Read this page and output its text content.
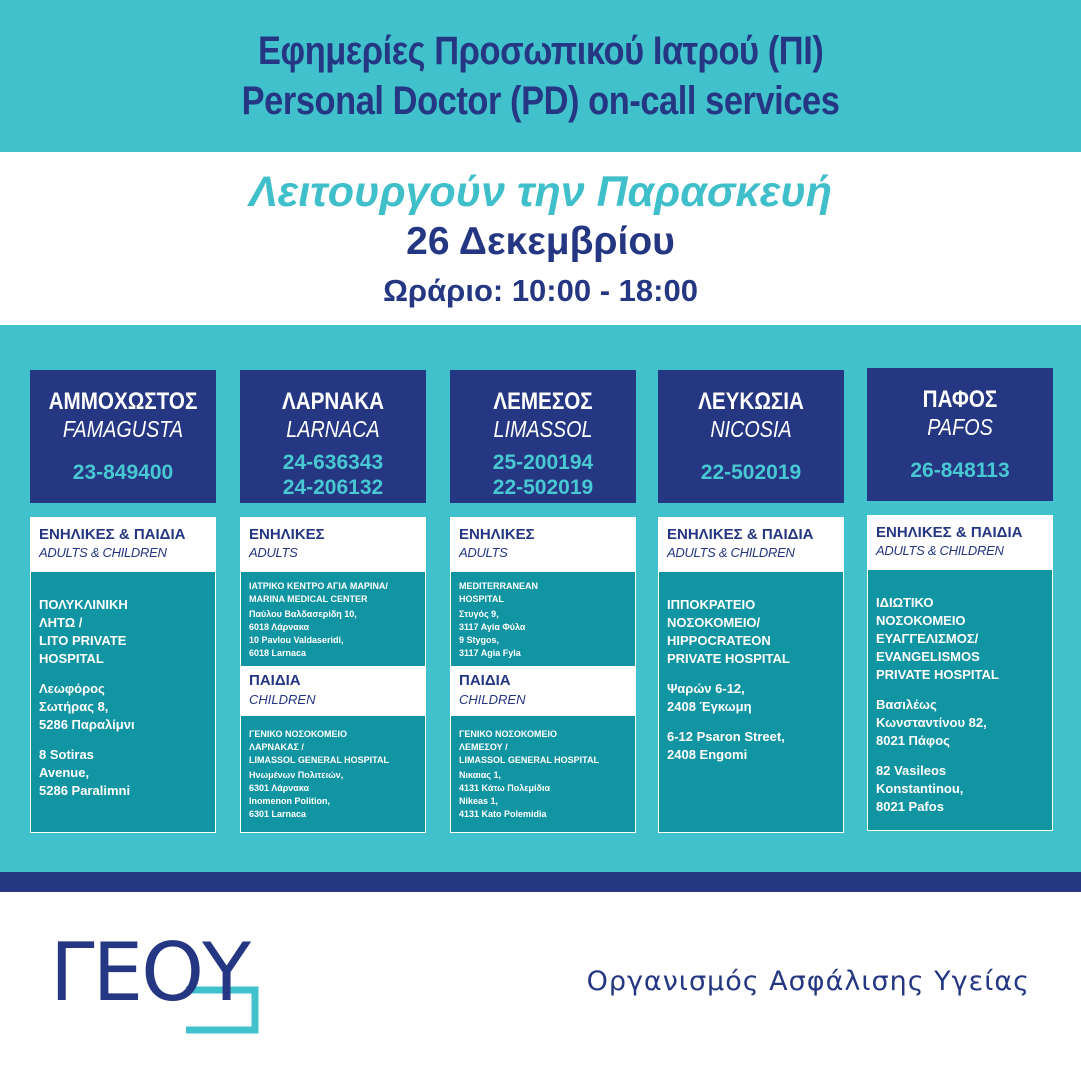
Εφημερίες Προσωπικού Ιατρού (ΠΙ)
Personal Doctor (PD) on-call services
Λειτουργούν την Παρασκευή
26 Δεκεμβρίου
Ωράριο: 10:00 - 18:00
ΑΜΜΟΧΩΣΤΟΣ
FAMAGUSTA
23-849400
ΕΝΗΛΙΚΕΣ & ΠΑΙΔΙΑ
ADULTS & CHILDREN
ΠΟΛΥΚΛΙΝΙΚΗ
ΛΗΤΩ /
LITO PRIVATE
HOSPITAL
Λεωφόρος
Σωτήρας 8,
5286 Παραλίμνι
8 Sotiras
Avenue,
5286 Paralimni
ΛΑΡΝΑΚΑ
LARNACA
24-636343
24-206132
ΕΝΗΛΙΚΕΣ
ADULTS
ΙΑΤΡΙΚΟ ΚΕΝΤΡΟ ΑΓΙΑ ΜΑΡΙΝΑ/
MARINA MEDICAL CENTER
Παύλου Βαλδασερίδη 10,
6018 Λάρνακα
10 Pavlou Valdaseridi,
6018 Larnaca
ΠΑΙΔΙΑ
CHILDREN
ΓΕΝΙΚΟ ΝΟΣΟΚΟΜΕΙΟ
ΛΑΡΝΑΚΑΣ /
LIMASSOL GENERAL HOSPITAL
Ηνωμένων Πολιτειών,
6301 Λάρνακα
Inomenon Polition,
6301 Larnaca
ΛΕΜΕΣΟΣ
LIMASSOL
25-200194
22-502019
ΕΝΗΛΙΚΕΣ
ADULTS
MEDITERRANEAN
HOSPITAL
Στυγός 9,
3117 Αγία Φύλα
9 Stygos,
3117 Agia Fyla
ΠΑΙΔΙΑ
CHILDREN
ΓΕΝΙΚΟ ΝΟΣΟΚΟΜΕΙΟ
ΛΕΜΕΣΟΥ /
LIMASSOL GENERAL HOSPITAL
Νικαιας 1,
4131 Κάτω Πολεμίδια
Nikeas 1,
4131 Kato Polemidia
ΛΕΥΚΩΣΙΑ
NICOSIA
22-502019
ΕΝΗΛΙΚΕΣ & ΠΑΙΔΙΑ
ADULTS & CHILDREN
ΙΠΠΟΚΡΑΤΕΙΟ
ΝΟΣΟΚΟΜΕΙΟ/
HIPPOCRATEON
PRIVATE HOSPITAL
Ψαρών 6-12,
2408 Έγκωμη
6-12 Psaron Street,
2408 Engomi
ΠΑΦΟΣ
PAFOS
26-848113
ΕΝΗΛΙΚΕΣ & ΠΑΙΔΙΑ
ADULTS & CHILDREN
ΙΔΙΩΤΙΚΟ
ΝΟΣΟΚΟΜΕΙΟ
ΕΥΑΓΓΕΛΙΣΜΟΣ/
EVANGELISMOS
PRIVATE HOSPITAL
Βασιλέως
Κωνσταντίνου 82,
8021 Πάφος
82 Vasileos
Konstantinou,
8021 Pafos
ΓΕΟΥ	Οργανισμός Ασφάλισης Υγείας
